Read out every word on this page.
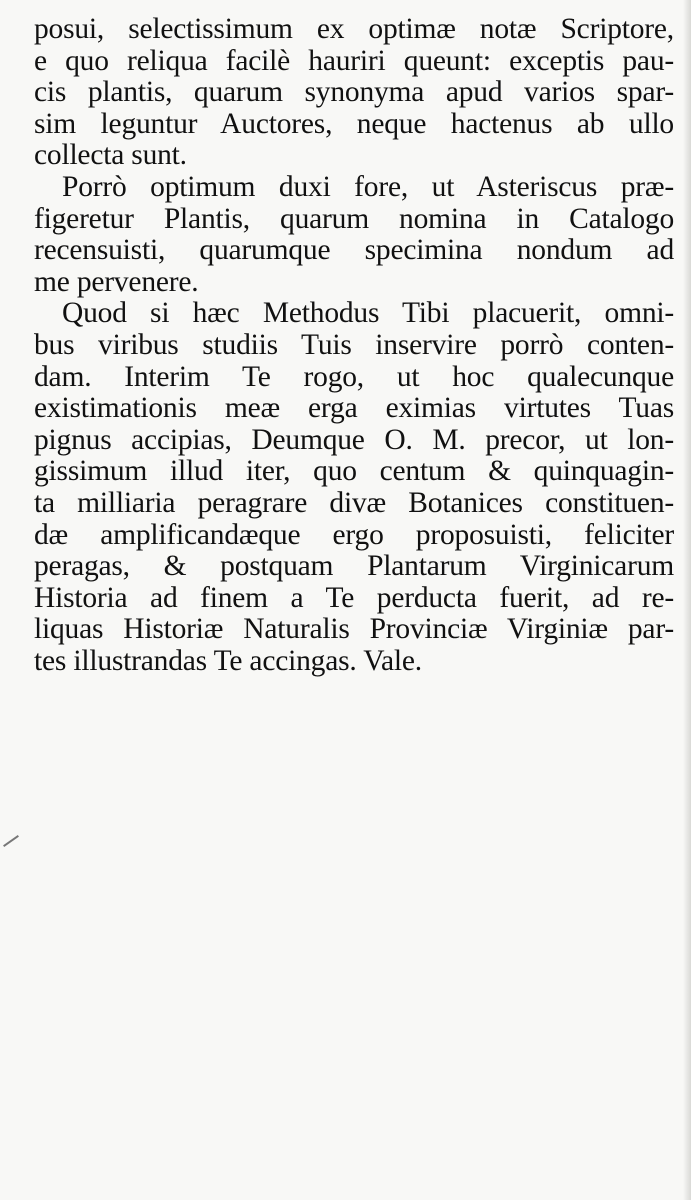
posui, selectissimum ex optimæ notæ Scriptore,
e quo reliqua facilè hauriri queunt: exceptis pau-
cis plantis, quarum synonyma apud varios spar-
sim leguntur Auctores, neque hactenus ab ullo
collecta sunt.
Porrò optimum duxi fore, ut Asteriscus præ-
figeretur Plantis, quarum nomina in Catalogo
recensuisti, quarumque specimina nondum ad
me pervenere.
Quod si hæc Methodus Tibi placuerit, omni-
bus viribus studiis Tuis inservire porrò conten-
dam. Interim Te rogo, ut hoc qualecunque
existimationis meæ erga eximias virtutes Tuas
pignus accipias, Deumque O. M. precor, ut lon-
gissimum illud iter, quo centum & quinquagin-
ta milliaria peragrare divæ Botanices constituen-
dæ amplificandæque ergo proposuisti, feliciter
peragas, & postquam Plantarum Virginicarum
Historia ad finem a Te perducta fuerit, ad re-
liquas Historiæ Naturalis Provinciæ Virginiæ par-
tes illustrandas Te accingas. Vale.
